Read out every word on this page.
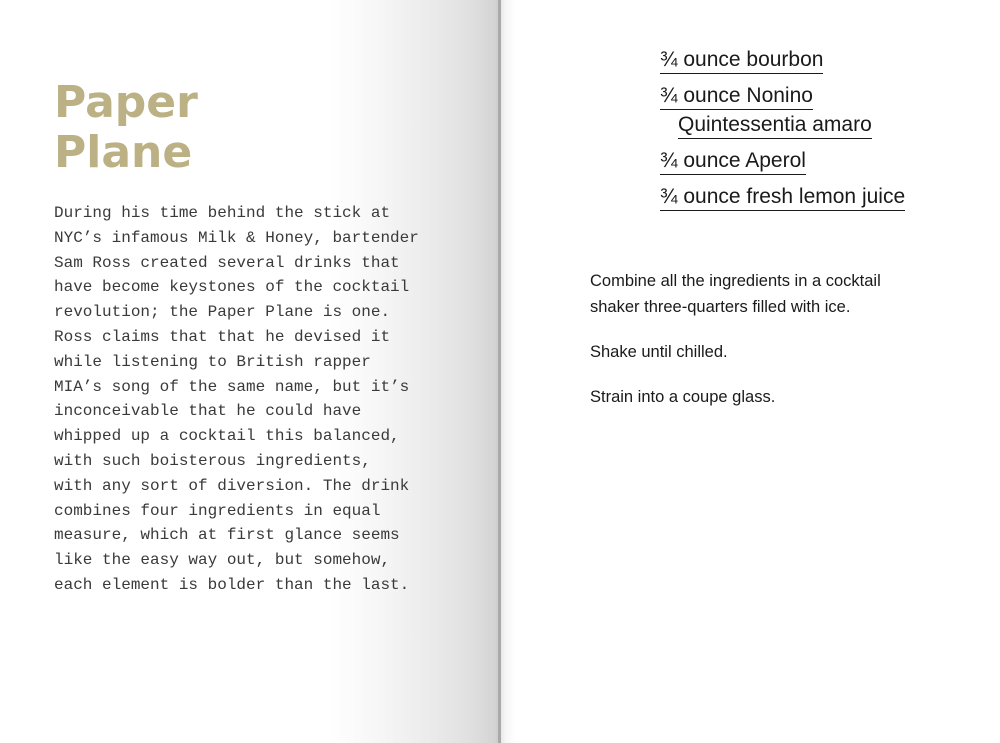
Paper
Plane
During his time behind the stick at
NYC’s infamous Milk & Honey, bartender
Sam Ross created several drinks that
have become keystones of the cocktail
revolution; the Paper Plane is one.
Ross claims that that he devised it
while listening to British rapper
MIA’s song of the same name, but it’s
inconceivable that he could have
whipped up a cocktail this balanced,
with such boisterous ingredients,
with any sort of diversion. The drink
combines four ingredients in equal
measure, which at first glance seems
like the easy way out, but somehow,
each element is bolder than the last.
¾ ounce bourbon
¾ ounce Nonino
Quintessentia amaro
¾ ounce Aperol
¾ ounce fresh lemon juice

Combine all the ingredients in a cocktail
shaker three-quarters filled with ice.

Shake until chilled.

Strain into a coupe glass.
